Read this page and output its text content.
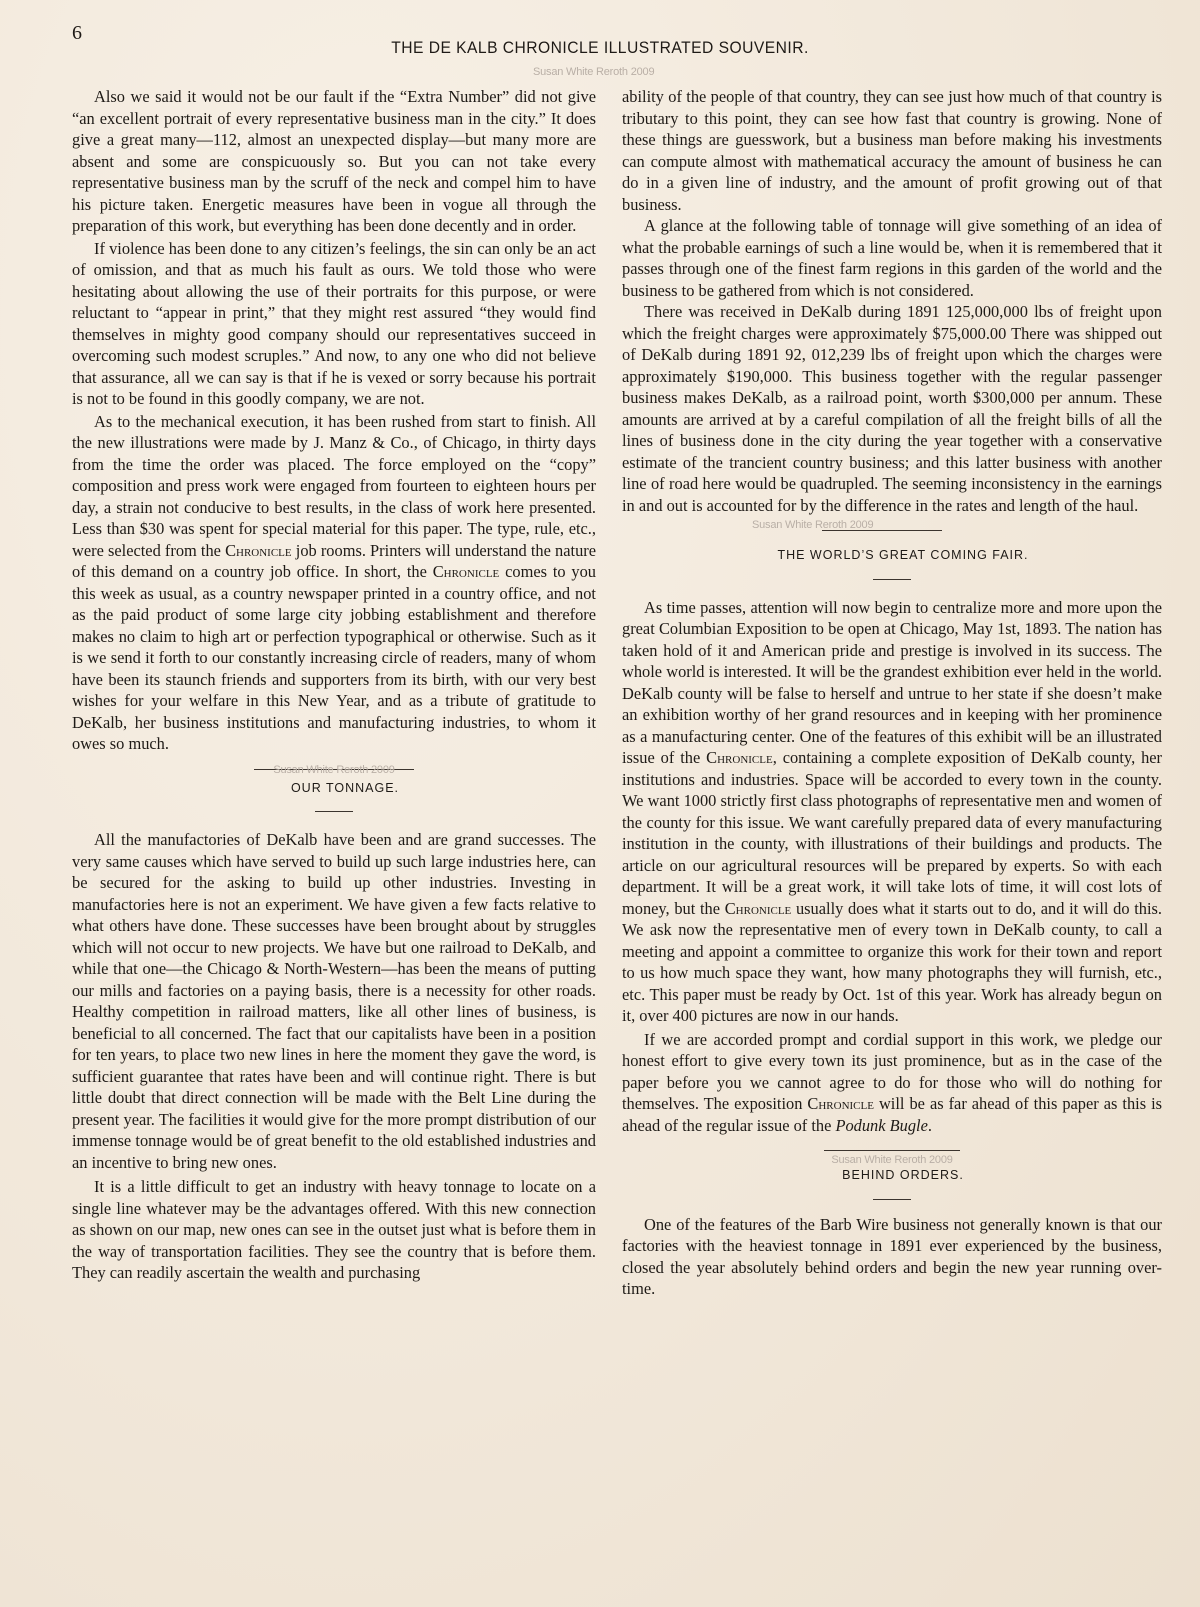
6
THE DE KALB CHRONICLE ILLUSTRATED SOUVENIR.
Susan White Reroth 2009

Also we said it would not be our fault if the “Extra Number” did not give “an excellent portrait of every representative business man in the city.” It does give a great many—112, almost an unexpected display—but many more are absent and some are conspicuously so. But you can not take every representative business man by the scruff of the neck and compel him to have his picture taken. Energetic measures have been in vogue all through the preparation of this work, but everything has been done decently and in order.

If violence has been done to any citizen’s feelings, the sin can only be an act of omission, and that as much his fault as ours. We told those who were hesitating about allowing the use of their portraits for this purpose, or were reluctant to “appear in print,” that they might rest assured “they would find themselves in mighty good company should our representatives succeed in overcoming such modest scruples.” And now, to any one who did not believe that assurance, all we can say is that if he is vexed or sorry because his portrait is not to be found in this goodly company, we are not.

As to the mechanical execution, it has been rushed from start to finish. All the new illustrations were made by J. Manz & Co., of Chicago, in thirty days from the time the order was placed. The force employed on the “copy” composition and press work were engaged from fourteen to eighteen hours per day, a strain not conducive to best results, in the class of work here presented. Less than $30 was spent for special material for this paper. The type, rule, etc., were selected from the Chronicle job rooms. Printers will understand the nature of this demand on a country job office. In short, the Chronicle comes to you this week as usual, as a country newspaper printed in a country office, and not as the paid product of some large city jobbing establishment and therefore makes no claim to high art or perfection typographical or otherwise. Such as it is we send it forth to our constantly increasing circle of readers, many of whom have been its staunch friends and supporters from its birth, with our very best wishes for your welfare in this New Year, and as a tribute of gratitude to DeKalb, her business institutions and manufacturing industries, to whom it owes so much.

Susan White Reroth 2009

OUR TONNAGE.

All the manufactories of DeKalb have been and are grand successes. The very same causes which have served to build up such large industries here, can be secured for the asking to build up other industries. Investing in manufactories here is not an experiment. We have given a few facts relative to what others have done. These successes have been brought about by struggles which will not occur to new projects. We have but one railroad to DeKalb, and while that one—the Chicago & North-Western—has been the means of putting our mills and factories on a paying basis, there is a necessity for other roads. Healthy competition in railroad matters, like all other lines of business, is beneficial to all concerned. The fact that our capitalists have been in a position for ten years, to place two new lines in here the moment they gave the word, is sufficient guarantee that rates have been and will continue right. There is but little doubt that direct connection will be made with the Belt Line during the present year. The facilities it would give for the more prompt distribution of our immense tonnage would be of great benefit to the old established industries and an incentive to bring new ones.

It is a little difficult to get an industry with heavy tonnage to locate on a single line whatever may be the advantages offered. With this new connection as shown on our map, new ones can see in the outset just what is before them in the way of transportation facilities. They see the country that is before them. They can readily ascertain the wealth and purchasing

ability of the people of that country, they can see just how much of that country is tributary to this point, they can see how fast that country is growing. None of these things are guesswork, but a business man before making his investments can compute almost with mathematical accuracy the amount of business he can do in a given line of industry, and the amount of profit growing out of that business.

A glance at the following table of tonnage will give something of an idea of what the probable earnings of such a line would be, when it is remembered that it passes through one of the finest farm regions in this garden of the world and the business to be gathered from which is not considered.

There was received in DeKalb during 1891 125,000,000 lbs of freight upon which the freight charges were approximately $75,000.00 There was shipped out of DeKalb during 1891 92, 012,239 lbs of freight upon which the charges were approximately $190,000. This business together with the regular passenger business makes DeKalb, as a railroad point, worth $300,000 per annum. These amounts are arrived at by a careful compilation of all the freight bills of all the lines of business done in the city during the year together with a conservative estimate of the trancient country business; and this latter business with another line of road here would be quadrupled. The seeming inconsistency in the earnings in and out is accounted for by the difference in the rates and length of the haul.

Susan White Reroth 2009

THE WORLD’S GREAT COMING FAIR.

As time passes, attention will now begin to centralize more and more upon the great Columbian Exposition to be open at Chicago, May 1st, 1893. The nation has taken hold of it and American pride and prestige is involved in its success. The whole world is interested. It will be the grandest exhibition ever held in the world. DeKalb county will be false to herself and untrue to her state if she doesn’t make an exhibition worthy of her grand resources and in keeping with her prominence as a manufacturing center. One of the features of this exhibit will be an illustrated issue of the Chronicle, containing a complete exposition of DeKalb county, her institutions and industries. Space will be accorded to every town in the county. We want 1000 strictly first class photographs of representative men and women of the county for this issue. We want carefully prepared data of every manufacturing institution in the county, with illustrations of their buildings and products. The article on our agricultural resources will be prepared by experts. So with each department. It will be a great work, it will take lots of time, it will cost lots of money, but the Chronicle usually does what it starts out to do, and it will do this. We ask now the representative men of every town in DeKalb county, to call a meeting and appoint a committee to organize this work for their town and report to us how much space they want, how many photographs they will furnish, etc., etc. This paper must be ready by Oct. 1st of this year. Work has already begun on it, over 400 pictures are now in our hands.

If we are accorded prompt and cordial support in this work, we pledge our honest effort to give every town its just prominence, but as in the case of the paper before you we cannot agree to do for those who will do nothing for themselves. The exposition Chronicle will be as far ahead of this paper as this is ahead of the regular issue of the Podunk Bugle.

Susan White Reroth 2009

BEHIND ORDERS.

One of the features of the Barb Wire business not generally known is that our factories with the heaviest tonnage in 1891 ever experienced by the business, closed the year absolutely behind orders and begin the new year running over-time.
